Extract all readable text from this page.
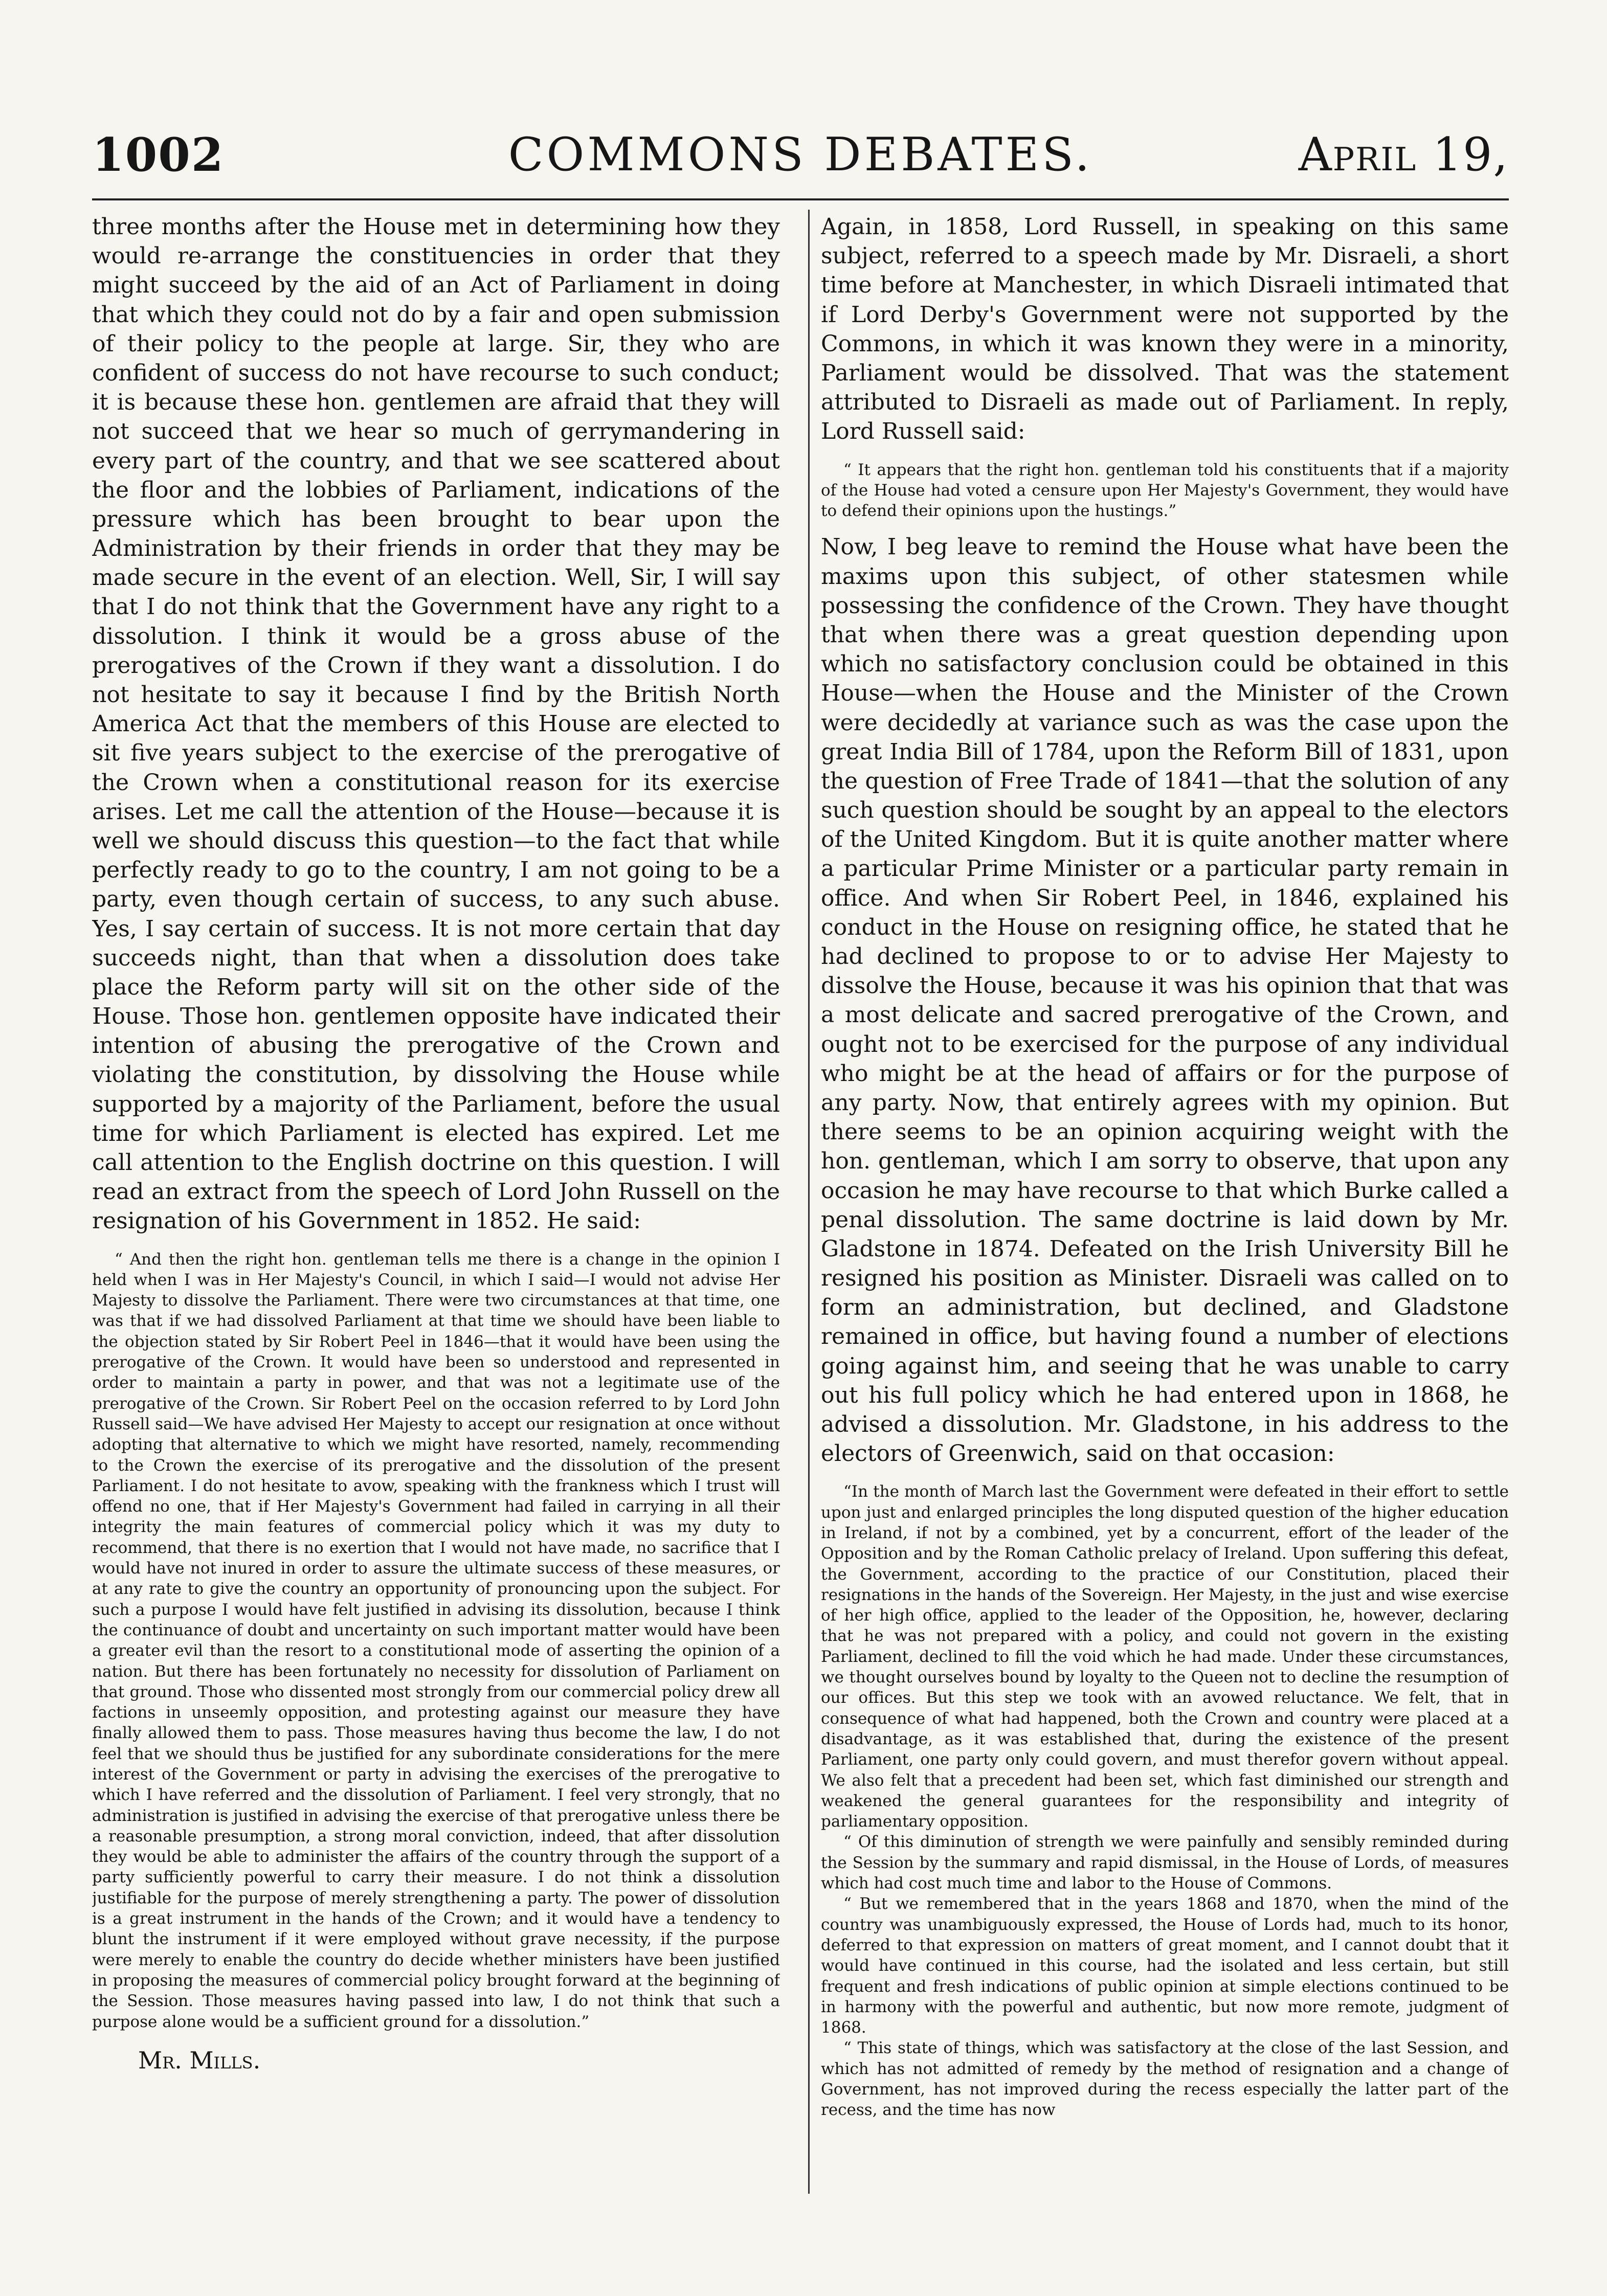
1002	COMMONS DEBATES.	April 19,

three months after the House met in determining how they would re-arrange the constituencies in order that they might succeed by the aid of an Act of Parliament in doing that which they could not do by a fair and open submission of their policy to the people at large. Sir, they who are confident of success do not have recourse to such conduct; it is because these hon. gentlemen are afraid that they will not succeed that we hear so much of gerrymandering in every part of the country, and that we see scattered about the floor and the lobbies of Parliament, indications of the pressure which has been brought to bear upon the Administration by their friends in order that they may be made secure in the event of an election. Well, Sir, I will say that I do not think that the Government have any right to a dissolution. I think it would be a gross abuse of the prerogatives of the Crown if they want a dissolution. I do not hesitate to say it because I find by the British North America Act that the members of this House are elected to sit five years subject to the exercise of the prerogative of the Crown when a constitutional reason for its exercise arises. Let me call the attention of the House—because it is well we should discuss this question—to the fact that while perfectly ready to go to the country, I am not going to be a party, even though certain of success, to any such abuse. Yes, I say certain of success. It is not more certain that day succeeds night, than that when a dissolution does take place the Reform party will sit on the other side of the House. Those hon. gentlemen opposite have indicated their intention of abusing the prerogative of the Crown and violating the constitution, by dissolving the House while supported by a majority of the Parliament, before the usual time for which Parliament is elected has expired. Let me call attention to the English doctrine on this question. I will read an extract from the speech of Lord John Russell on the resignation of his Government in 1852. He said:

“ And then the right hon. gentleman tells me there is a change in the opinion I held when I was in Her Majesty's Council, in which I said—I would not advise Her Majesty to dissolve the Parliament. There were two circumstances at that time, one was that if we had dissolved Parliament at that time we should have been liable to the objection stated by Sir Robert Peel in 1846—that it would have been using the prerogative of the Crown. It would have been so understood and represented in order to maintain a party in power, and that was not a legitimate use of the prerogative of the Crown. Sir Robert Peel on the occasion referred to by Lord John Russell said—We have advised Her Majesty to accept our resignation at once without adopting that alternative to which we might have resorted, namely, recommending to the Crown the exercise of its prerogative and the dissolution of the present Parliament. I do not hesitate to avow, speaking with the frankness which I trust will offend no one, that if Her Majesty's Government had failed in carrying in all their integrity the main features of commercial policy which it was my duty to recommend, that there is no exertion that I would not have made, no sacrifice that I would have not inured in order to assure the ultimate success of these measures, or at any rate to give the country an opportunity of pronouncing upon the subject. For such a purpose I would have felt justified in advising its dissolution, because I think the continuance of doubt and uncertainty on such important matter would have been a greater evil than the resort to a constitutional mode of asserting the opinion of a nation. But there has been fortunately no necessity for dissolution of Parliament on that ground. Those who dissented most strongly from our commercial policy drew all factions in unseemly opposition, and protesting against our measure they have finally allowed them to pass. Those measures having thus become the law, I do not feel that we should thus be justified for any subordinate considerations for the mere interest of the Government or party in advising the exercises of the prerogative to which I have referred and the dissolution of Parliament. I feel very strongly, that no administration is justified in advising the exercise of that prerogative unless there be a reasonable presumption, a strong moral conviction, indeed, that after dissolution they would be able to administer the affairs of the country through the support of a party sufficiently powerful to carry their measure. I do not think a dissolution justifiable for the purpose of merely strengthening a party. The power of dissolution is a great instrument in the hands of the Crown; and it would have a tendency to blunt the instrument if it were employed without grave necessity, if the purpose were merely to enable the country do decide whether ministers have been justified in proposing the measures of commercial policy brought forward at the beginning of the Session. Those measures having passed into law, I do not think that such a purpose alone would be a sufficient ground for a dissolution.”

Mr. Mills.

Again, in 1858, Lord Russell, in speaking on this same subject, referred to a speech made by Mr. Disraeli, a short time before at Manchester, in which Disraeli intimated that if Lord Derby's Government were not supported by the Commons, in which it was known they were in a minority, Parliament would be dissolved. That was the statement attributed to Disraeli as made out of Parliament. In reply, Lord Russell said:

“ It appears that the right hon. gentleman told his constituents that if a majority of the House had voted a censure upon Her Majesty's Government, they would have to defend their opinions upon the hustings.”

Now, I beg leave to remind the House what have been the maxims upon this subject, of other statesmen while possessing the confidence of the Crown. They have thought that when there was a great question depending upon which no satisfactory conclusion could be obtained in this House—when the House and the Minister of the Crown were decidedly at variance such as was the case upon the great India Bill of 1784, upon the Reform Bill of 1831, upon the question of Free Trade of 1841—that the solution of any such question should be sought by an appeal to the electors of the United Kingdom. But it is quite another matter where a particular Prime Minister or a particular party remain in office. And when Sir Robert Peel, in 1846, explained his conduct in the House on resigning office, he stated that he had declined to propose to or to advise Her Majesty to dissolve the House, because it was his opinion that that was a most delicate and sacred prerogative of the Crown, and ought not to be exercised for the purpose of any individual who might be at the head of affairs or for the purpose of any party. Now, that entirely agrees with my opinion. But there seems to be an opinion acquiring weight with the hon. gentleman, which I am sorry to observe, that upon any occasion he may have recourse to that which Burke called a penal dissolution. The same doctrine is laid down by Mr. Gladstone in 1874. Defeated on the Irish University Bill he resigned his position as Minister. Disraeli was called on to form an administration, but declined, and Gladstone remained in office, but having found a number of elections going against him, and seeing that he was unable to carry out his full policy which he had entered upon in 1868, he advised a dissolution. Mr. Gladstone, in his address to the electors of Greenwich, said on that occasion:

“In the month of March last the Government were defeated in their effort to settle upon just and enlarged principles the long disputed question of the higher education in Ireland, if not by a combined, yet by a concurrent, effort of the leader of the Opposition and by the Roman Catholic prelacy of Ireland. Upon suffering this defeat, the Government, according to the practice of our Constitution, placed their resignations in the hands of the Sovereign. Her Majesty, in the just and wise exercise of her high office, applied to the leader of the Opposition, he, however, declaring that he was not prepared with a policy, and could not govern in the existing Parliament, declined to fill the void which he had made. Under these circumstances, we thought ourselves bound by loyalty to the Queen not to decline the resumption of our offices. But this step we took with an avowed reluctance. We felt, that in consequence of what had happened, both the Crown and country were placed at a disadvantage, as it was established that, during the existence of the present Parliament, one party only could govern, and must therefor govern without appeal. We also felt that a precedent had been set, which fast diminished our strength and weakened the general guarantees for the responsibility and integrity of parliamentary opposition.

“ Of this diminution of strength we were painfully and sensibly reminded during the Session by the summary and rapid dismissal, in the House of Lords, of measures which had cost much time and labor to the House of Commons.

“ But we remembered that in the years 1868 and 1870, when the mind of the country was unambiguously expressed, the House of Lords had, much to its honor, deferred to that expression on matters of great moment, and I cannot doubt that it would have continued in this course, had the isolated and less certain, but still frequent and fresh indications of public opinion at simple elections continued to be in harmony with the powerful and authentic, but now more remote, judgment of 1868.

“ This state of things, which was satisfactory at the close of the last Session, and which has not admitted of remedy by the method of resignation and a change of Government, has not improved during the recess especially the latter part of the recess, and the time has now
